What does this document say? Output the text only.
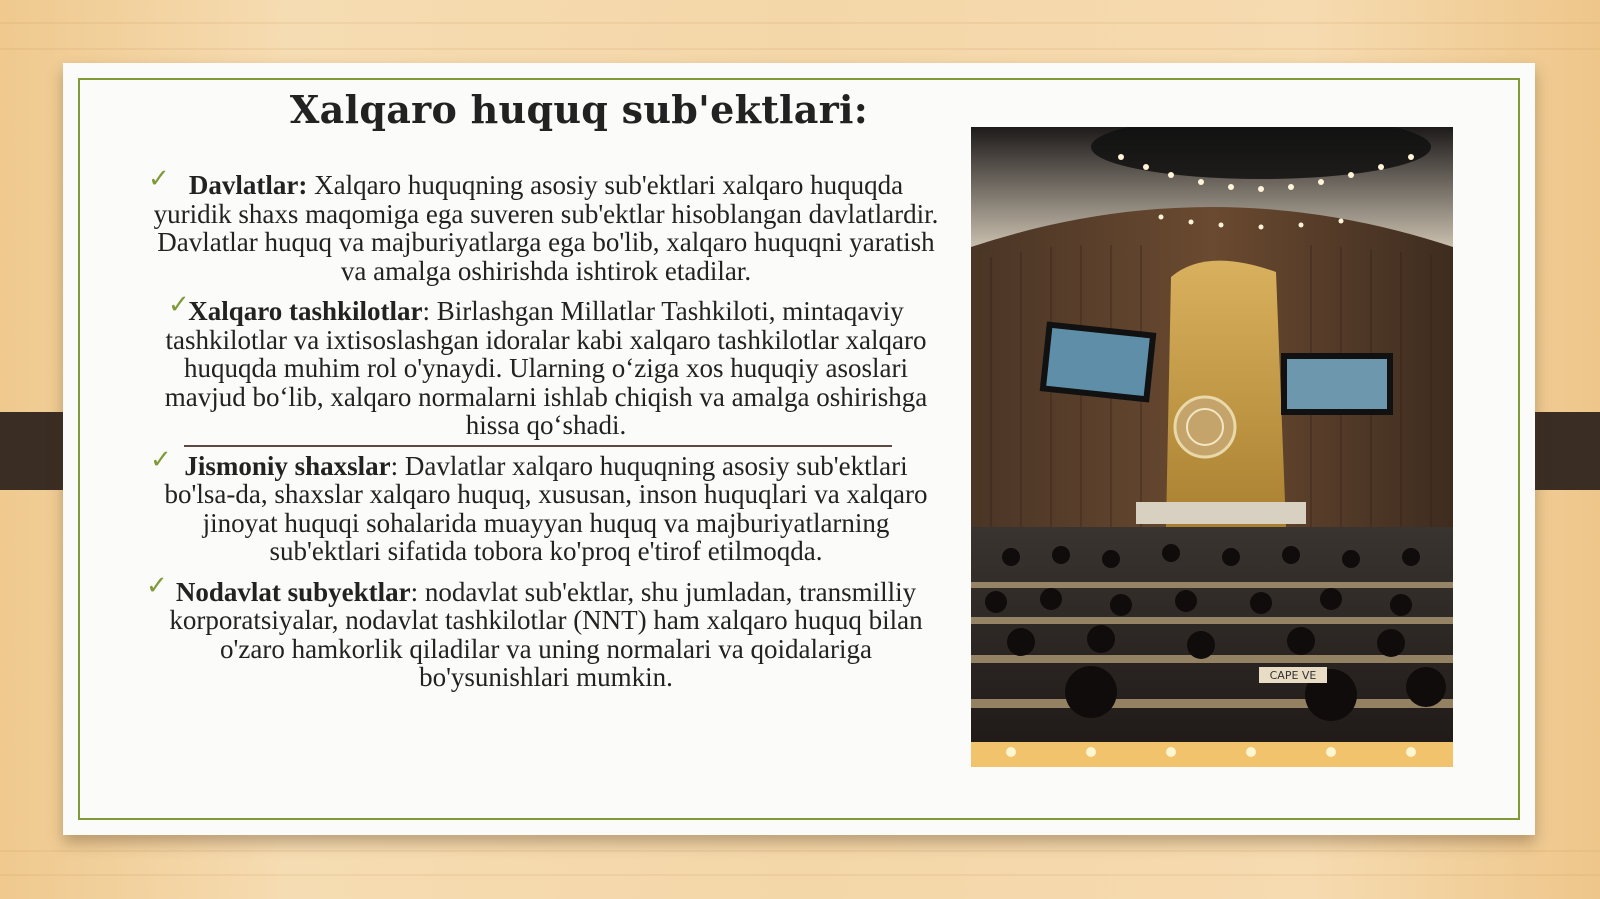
Xalqaro huquq sub'ektlari:

✓ Davlatlar: Xalqaro huquqning asosiy sub'ektlari xalqaro huquqda yuridik shaxs maqomiga ega suveren sub'ektlar hisoblangan davlatlardir. Davlatlar huquq va majburiyatlarga ega bo'lib, xalqaro huquqni yaratish va amalga oshirishda ishtirok etadilar.

✓
Xalqaro tashkilotlar: Birlashgan Millatlar Tashkiloti, mintaqaviy tashkilotlar va ixtisoslashgan idoralar kabi xalqaro tashkilotlar xalqaro huquqda muhim rol o'ynaydi. Ularning o‘ziga xos huquqiy asoslari mavjud bo‘lib, xalqaro normalarni ishlab chiqish va amalga oshirishga hissa qo‘shadi.

✓ Jismoniy shaxslar: Davlatlar xalqaro huquqning asosiy sub'ektlari bo'lsa-da, shaxslar xalqaro huquq, xususan, inson huquqlari va xalqaro jinoyat huquqi sohalarida muayyan huquq va majburiyatlarning sub'ektlari sifatida tobora ko'proq e'tirof etilmoqda.

✓ Nodavlat subyektlar: nodavlat sub'ektlar, shu jumladan, transmilliy korporatsiyalar, nodavlat tashkilotlar (NNT) ham xalqaro huquq bilan o'zaro hamkorlik qiladilar va uning normalari va qoidalariga bo'ysunishlari mumkin.	CAPE VE
